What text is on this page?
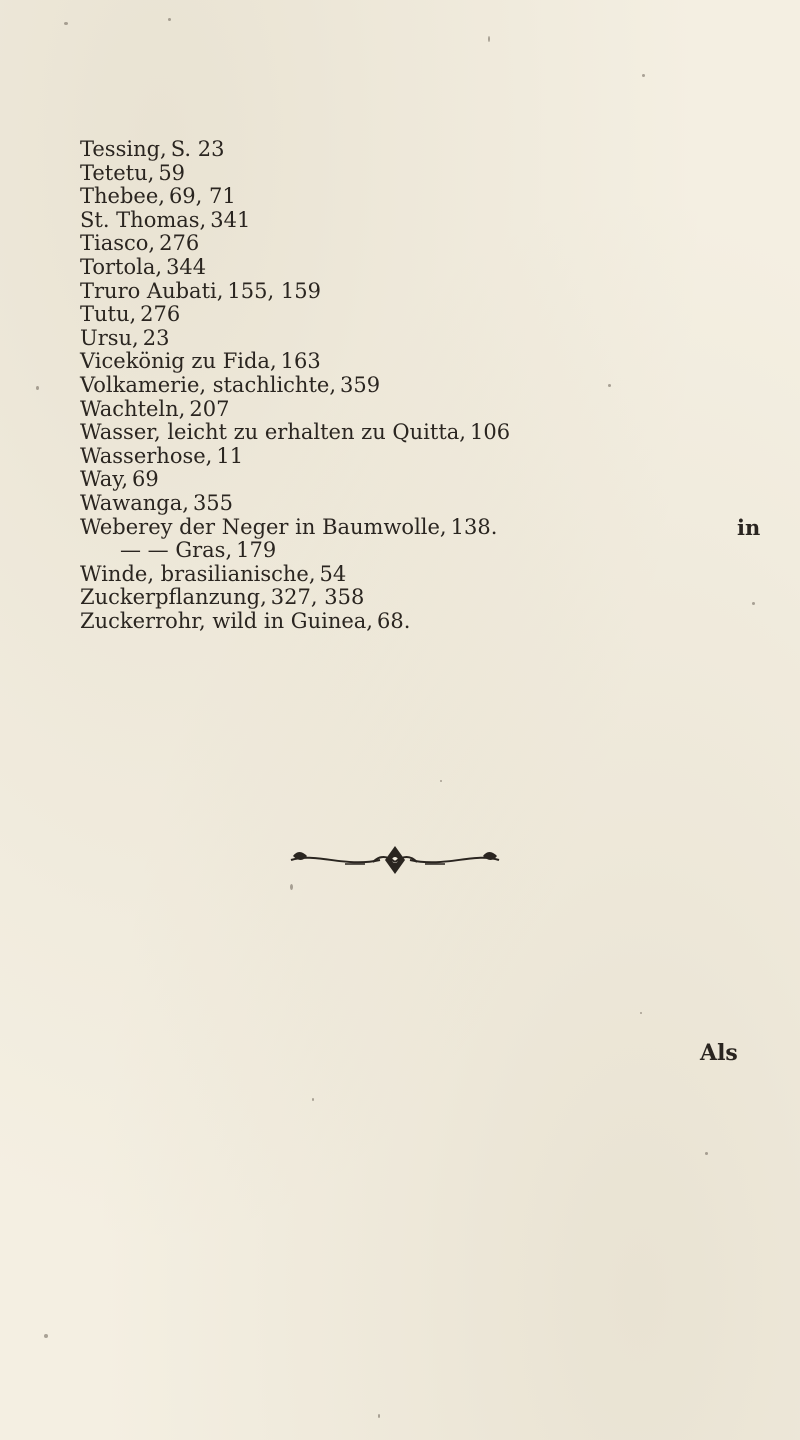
Tessing, S. 23
Tetetu, 59
Thebee, 69, 71
St. Thomas, 341
Tiasco, 276
Tortola, 344
Truro Aubati, 155, 159
Tutu, 276
Ursu, 23
Vicekönig zu Fida, 163
Volkamerie, stachlichte, 359
Wachteln, 207
Wasser, leicht zu erhalten zu Quitta, 106
Wasserhose, 11
Way, 69
Wawanga, 355
Weberey der Neger in Baumwolle, 138.	in
— — Gras, 179
Winde, brasilianische, 54
Zuckerpflanzung, 327, 358
Zuckerrohr, wild in Guinea, 68.
Als
